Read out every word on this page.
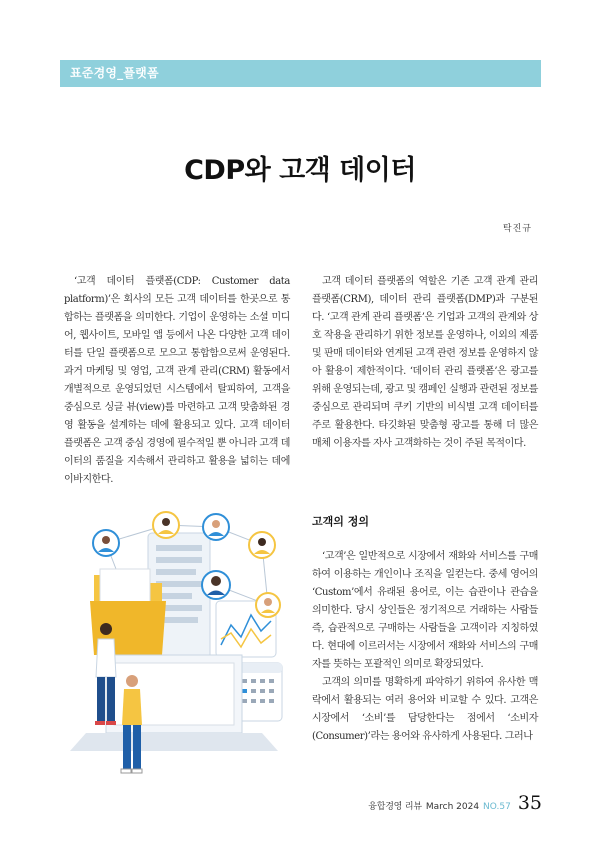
표준경영_플랫폼
CDP와 고객 데이터
탁진규

‘고객 데이터 플랫폼(CDP: Customer data platform)’은 회사의 모든 고객 데이터를 한곳으로 통합하는 플랫폼을 의미한다. 기업이 운영하는 소셜 미디어, 웹사이트, 모바일 앱 등에서 나온 다양한 고객 데이터를 단일 플랫폼으로 모으고 통합함으로써 운영된다. 과거 마케팅 및 영업, 고객 관계 관리(CRM) 활동에서 개별적으로 운영되었던 시스템에서 탈피하여, 고객을 중심으로 싱글 뷰(view)를 마련하고 고객 맞춤화된 경영 활동을 설계하는 데에 활용되고 있다. 고객 데이터 플랫폼은 고객 중심 경영에 필수적일 뿐 아니라 고객 데이터의 품질을 지속해서 관리하고 활용을 넓히는 데에 이바지한다.

고객 데이터 플랫폼의 역할은 기존 고객 관계 관리 플랫폼(CRM), 데이터 관리 플랫폼(DMP)과 구분된다. ‘고객 관계 관리 플랫폼’은 기업과 고객의 관계와 상호 작용을 관리하기 위한 정보를 운영하나, 이외의 제품 및 판매 데이터와 연계된 고객 관련 정보를 운영하지 않아 활용이 제한적이다. ‘데이터 관리 플랫폼’은 광고를 위해 운영되는데, 광고 및 캠페인 실행과 관련된 정보를 중심으로 관리되며 쿠키 기반의 비식별 고객 데이터를 주로 활용한다. 타깃화된 맞춤형 광고를 통해 더 많은 매체 이용자를 자사 고객화하는 것이 주된 목적이다.

고객의 정의

‘고객’은 일반적으로 시장에서 재화와 서비스를 구매하여 이용하는 개인이나 조직을 일컫는다. 중세 영어의 ‘Custom’에서 유래된 용어로, 이는 습관이나 관습을 의미한다. 당시 상인들은 정기적으로 거래하는 사람들 즉, 습관적으로 구매하는 사람들을 고객이라 지칭하였다. 현대에 이르러서는 시장에서 재화와 서비스의 구매자를 뜻하는 포괄적인 의미로 확장되었다.

고객의 의미를 명확하게 파악하기 위하여 유사한 맥락에서 활용되는 여러 용어와 비교할 수 있다. 고객은 시장에서 ‘소비’를 담당한다는 점에서 ‘소비자(Consumer)’라는 용어와 유사하게 사용된다. 그러나

융합경영 리뷰 March 2024 NO.57 35
